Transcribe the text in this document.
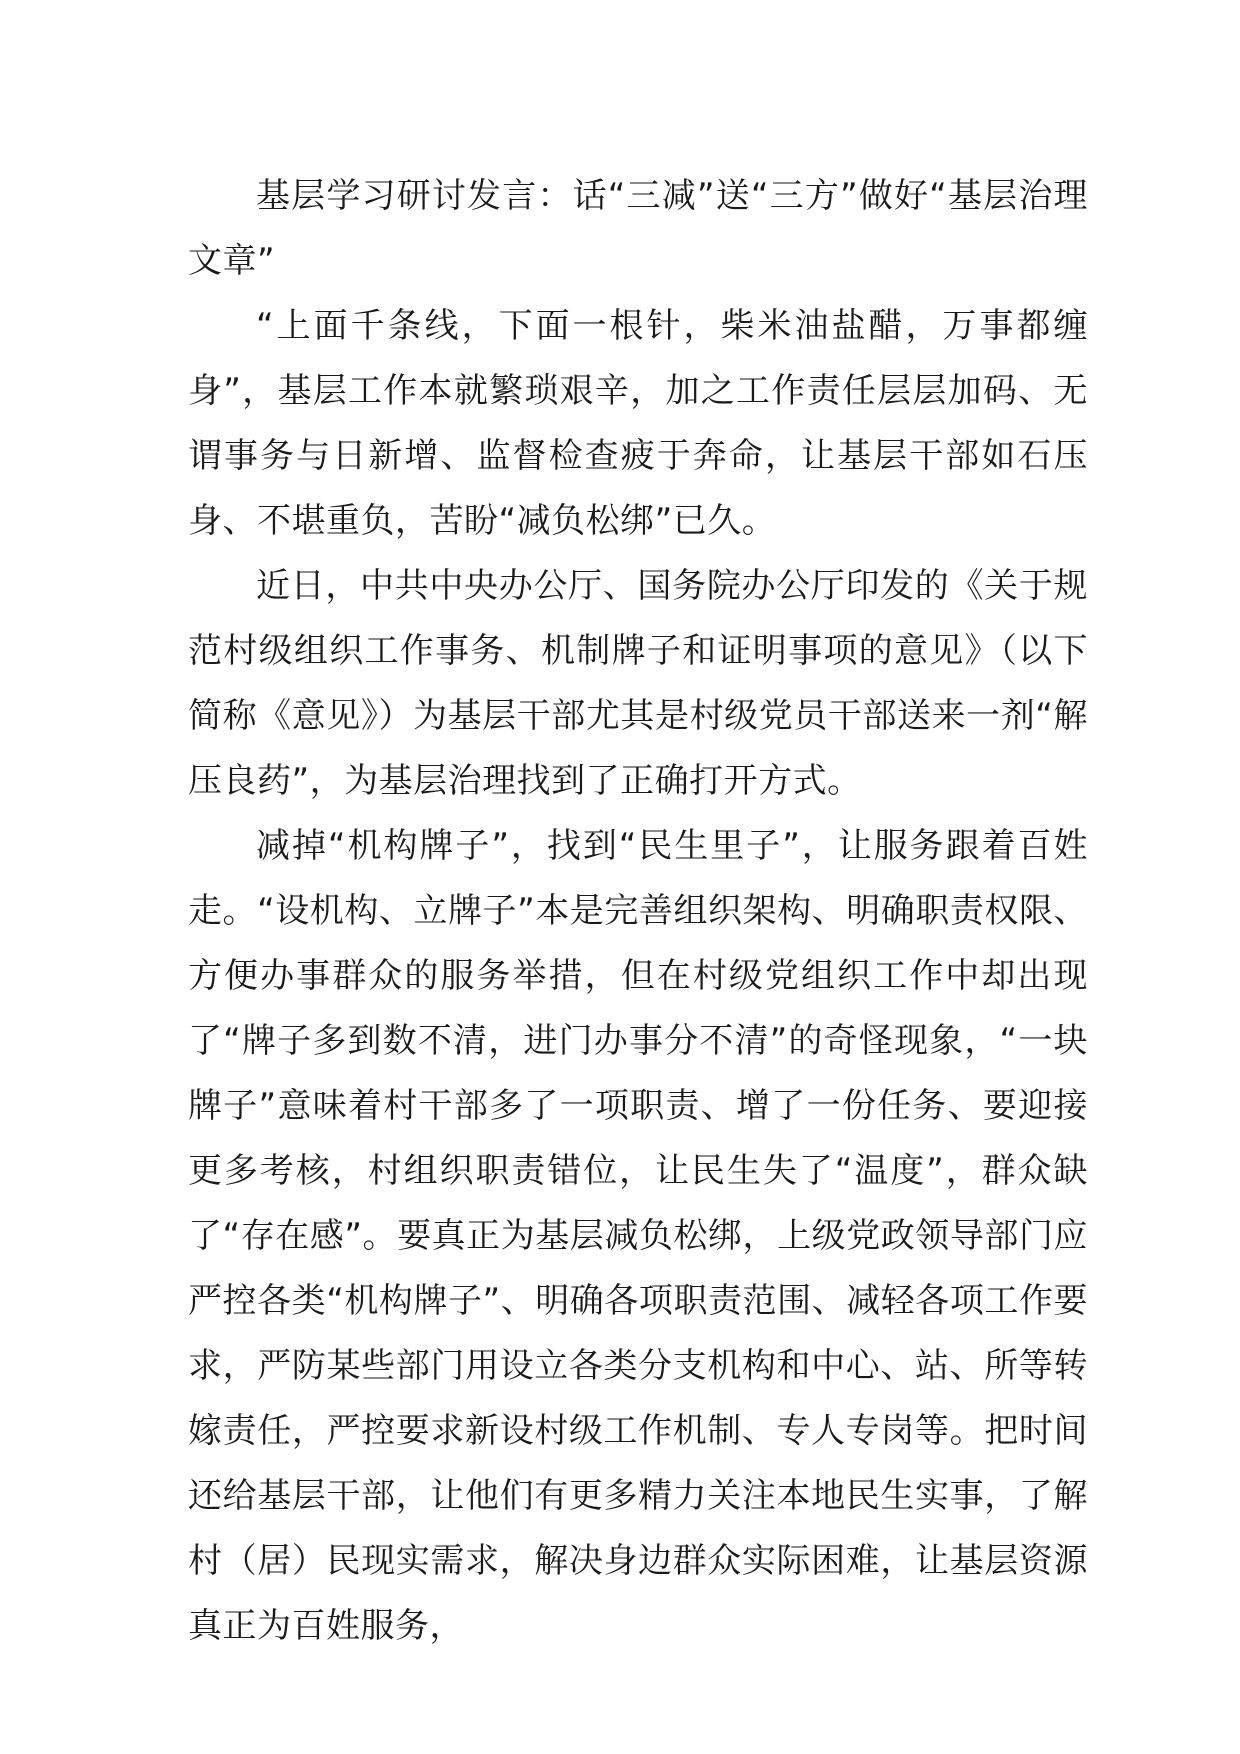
基层学习研讨发言：话“三减”送“三方”做好“基层治理文章”

“上面千条线，下面一根针，柴米油盐醋，万事都缠身”，基层工作本就繁琐艰辛，加之工作责任层层加码、无谓事务与日新增、监督检查疲于奔命，让基层干部如石压身、不堪重负，苦盼“减负松绑”已久。

近日，中共中央办公厅、国务院办公厅印发的《关于规范村级组织工作事务、机制牌子和证明事项的意见》（以下简称《意见》）为基层干部尤其是村级党员干部送来一剂“解压良药”，为基层治理找到了正确打开方式。

减掉“机构牌子”，找到“民生里子”，让服务跟着百姓走。“设机构、立牌子”本是完善组织架构、明确职责权限、方便办事群众的服务举措，但在村级党组织工作中却出现了“牌子多到数不清，进门办事分不清”的奇怪现象，“一块牌子”意味着村干部多了一项职责、增了一份任务、要迎接更多考核，村组织职责错位，让民生失了“温度”，群众缺了“存在感”。要真正为基层减负松绑，上级党政领导部门应严控各类“机构牌子”、明确各项职责范围、减轻各项工作要求，严防某些部门用设立各类分支机构和中心、站、所等转嫁责任，严控要求新设村级工作机制、专人专岗等。把时间还给基层干部，让他们有更多精力关注本地民生实事，了解村（居）民现实需求，解决身边群众实际困难，让基层资源真正为百姓服务，
